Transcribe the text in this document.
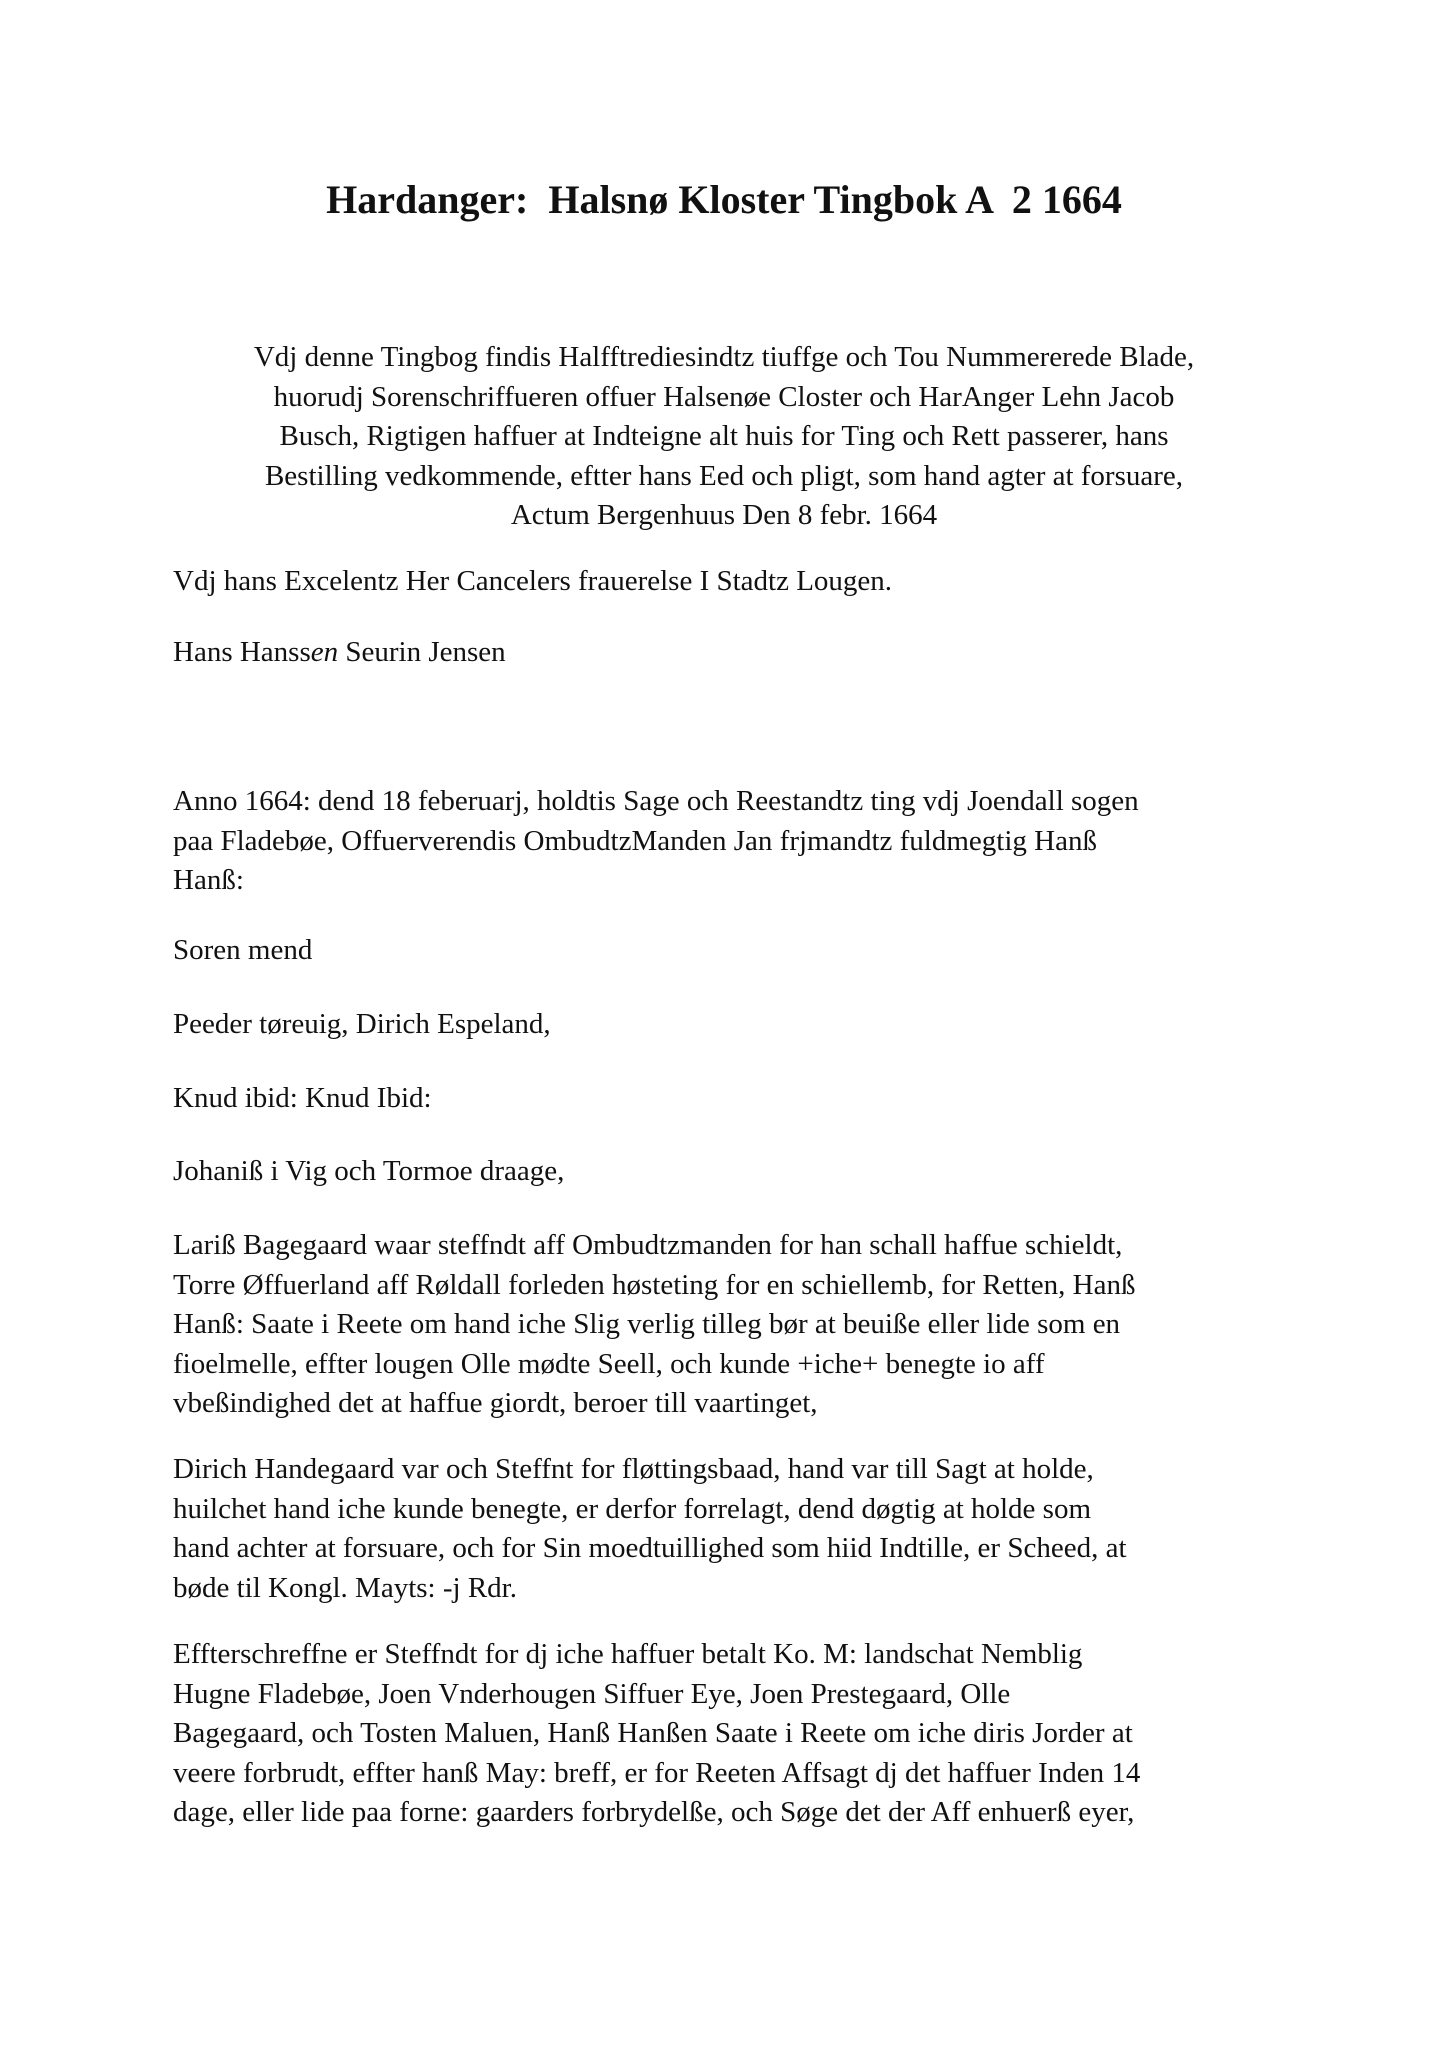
Hardanger:  Halsnø Kloster Tingbok A  2 1664
Vdj denne Tingbog findis Halfftrediesindtz tiuffge och Tou Nummererede Blade,
huorudj Sorenschriffueren offuer Halsenøe Closter och HarAnger Lehn Jacob
Busch, Rigtigen haffuer at Indteigne alt huis for Ting och Rett passerer, hans
Bestilling vedkommende, eftter hans Eed och pligt, som hand agter at forsuare,
Actum Bergenhuus Den 8 febr. 1664

Vdj hans Excelentz Her Cancelers frauerelse I Stadtz Lougen.

Hans Hanssen Seurin Jensen

Anno 1664: dend 18 feberuarj, holdtis Sage och Reestandtz ting vdj Joendall sogen
paa Fladebøe, Offuerverendis OmbudtzManden Jan frjmandtz fuldmegtig Hanß
Hanß:

Soren mend

Peeder tøreuig, Dirich Espeland,

Knud ibid: Knud Ibid:

Johaniß i Vig och Tormoe draage,

Lariß Bagegaard waar steffndt aff Ombudtzmanden for han schall haffue schieldt,
Torre Øffuerland aff Røldall forleden høsteting for en schiellemb, for Retten, Hanß
Hanß: Saate i Reete om hand iche Slig verlig tilleg bør at beuiße eller lide som en
fioelmelle, effter lougen Olle mødte Seell, och kunde +iche+ benegte io aff
vbeßindighed det at haffue giordt, beroer till vaartinget,

Dirich Handegaard var och Steffnt for fløttingsbaad, hand var till Sagt at holde,
huilchet hand iche kunde benegte, er derfor forrelagt, dend døgtig at holde som
hand achter at forsuare, och for Sin moedtuillighed som hiid Indtille, er Scheed, at
bøde til Kongl. Mayts: -j Rdr.

Effterschreffne er Steffndt for dj iche haffuer betalt Ko. M: landschat Nemblig
Hugne Fladebøe, Joen Vnderhougen Siffuer Eye, Joen Prestegaard, Olle
Bagegaard, och Tosten Maluen, Hanß Hanßen Saate i Reete om iche diris Jorder at
veere forbrudt, effter hanß May: breff, er for Reeten Affsagt dj det haffuer Inden 14
dage, eller lide paa forne: gaarders forbrydelße, och Søge det der Aff enhuerß eyer,
